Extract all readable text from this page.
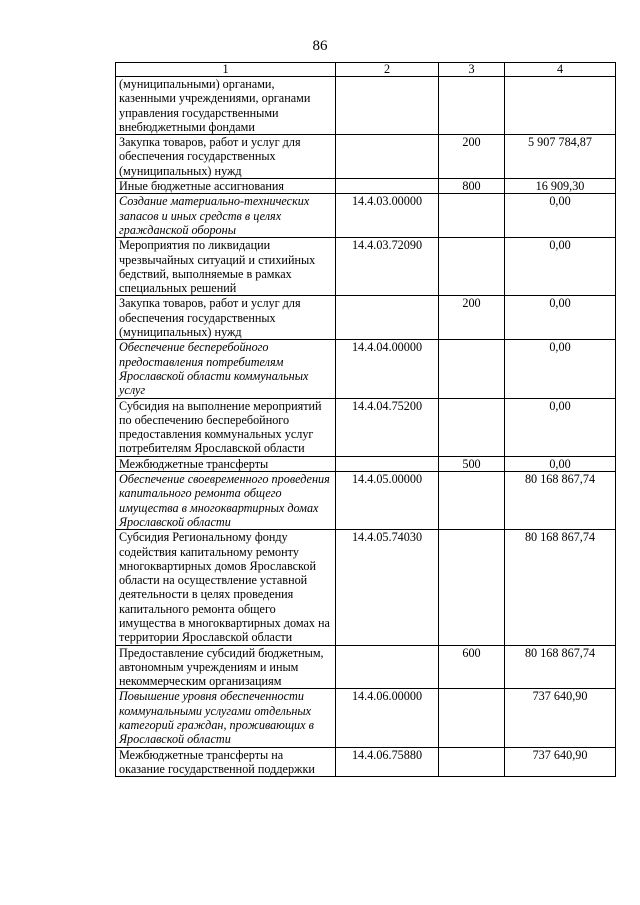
86
1	2	3	4
(муниципальными) органами, казенными учреждениями, органами управления государственными внебюджетными фондами			
Закупка товаров, работ и услуг для обеспечения государственных (муниципальных) нужд		200	5 907 784,87
Иные бюджетные ассигнования		800	16 909,30
Создание материально-технических запасов и иных средств в целях гражданской обороны	14.4.03.00000		0,00
Мероприятия по ликвидации чрезвычайных ситуаций и стихийных бедствий, выполняемые в рамках специальных решений	14.4.03.72090		0,00
Закупка товаров, работ и услуг для обеспечения государственных (муниципальных) нужд		200	0,00
Обеспечение бесперебойного предоставления потребителям Ярославской области коммунальных услуг	14.4.04.00000		0,00
Субсидия на выполнение мероприятий по обеспечению бесперебойного предоставления коммунальных услуг потребителям Ярославской области	14.4.04.75200		0,00
Межбюджетные трансферты		500	0,00
Обеспечение своевременного проведения капитального ремонта общего имущества в многоквартирных домах Ярославской области	14.4.05.00000		80 168 867,74
Субсидия Региональному фонду содействия капитальному ремонту многоквартирных домов Ярославской области на осуществление уставной деятельности в целях проведения капитального ремонта общего имущества в многоквартирных домах на территории Ярославской области	14.4.05.74030		80 168 867,74
Предоставление субсидий бюджетным, автономным учреждениям и иным некоммерческим организациям		600	80 168 867,74
Повышение уровня обеспеченности коммунальными услугами отдельных категорий граждан, проживающих в Ярославской области	14.4.06.00000		737 640,90
Межбюджетные трансферты на оказание государственной поддержки	14.4.06.75880		737 640,90
